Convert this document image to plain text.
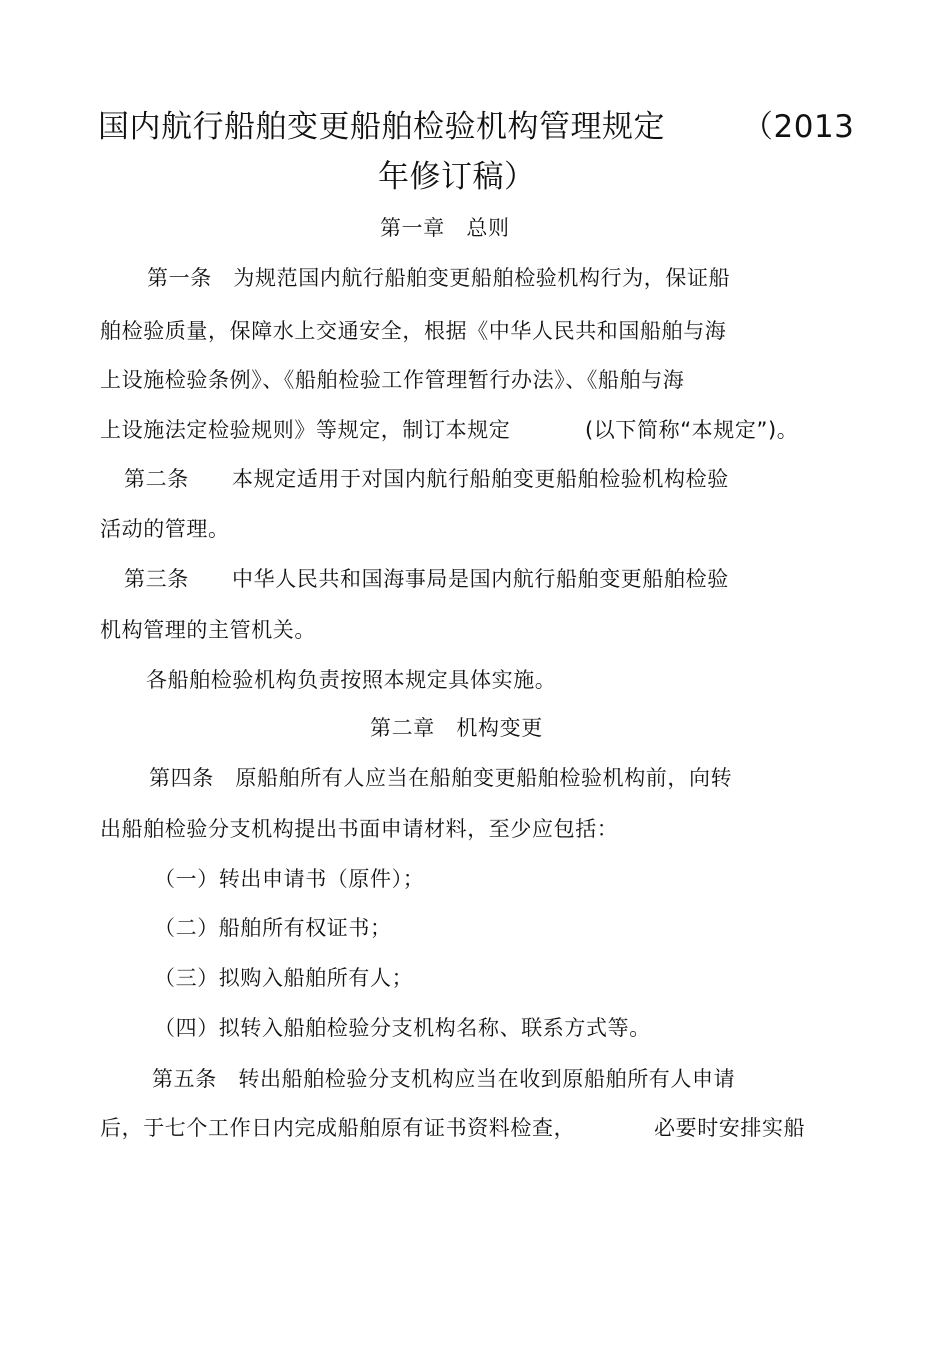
国内航行船舶变更船舶检验机构管理规定 （2013
年修订稿）
第一章　总则
第一条　为规范国内航行船舶变更船舶检验机构行为，保证船
舶检验质量，保障水上交通安全，根据《中华人民共和国船舶与海
上设施检验条例》、《船舶检验工作管理暂行办法》、《船舶与海
上设施法定检验规则》等规定，制订本规定	(以下简称“本规定”)。
第二条　　本规定适用于对国内航行船舶变更船舶检验机构检验
活动的管理。
第三条　　中华人民共和国海事局是国内航行船舶变更船舶检验
机构管理的主管机关。
各船舶检验机构负责按照本规定具体实施。
第二章　机构变更
第四条　原船舶所有人应当在船舶变更船舶检验机构前，向转
出船舶检验分支机构提出书面申请材料，至少应包括：
（一）转出申请书（原件）；
（二）船舶所有权证书；
（三）拟购入船舶所有人；
（四）拟转入船舶检验分支机构名称、联系方式等。
第五条　转出船舶检验分支机构应当在收到原船舶所有人申请
后，于七个工作日内完成船舶原有证书资料检查，	必要时安排实船
